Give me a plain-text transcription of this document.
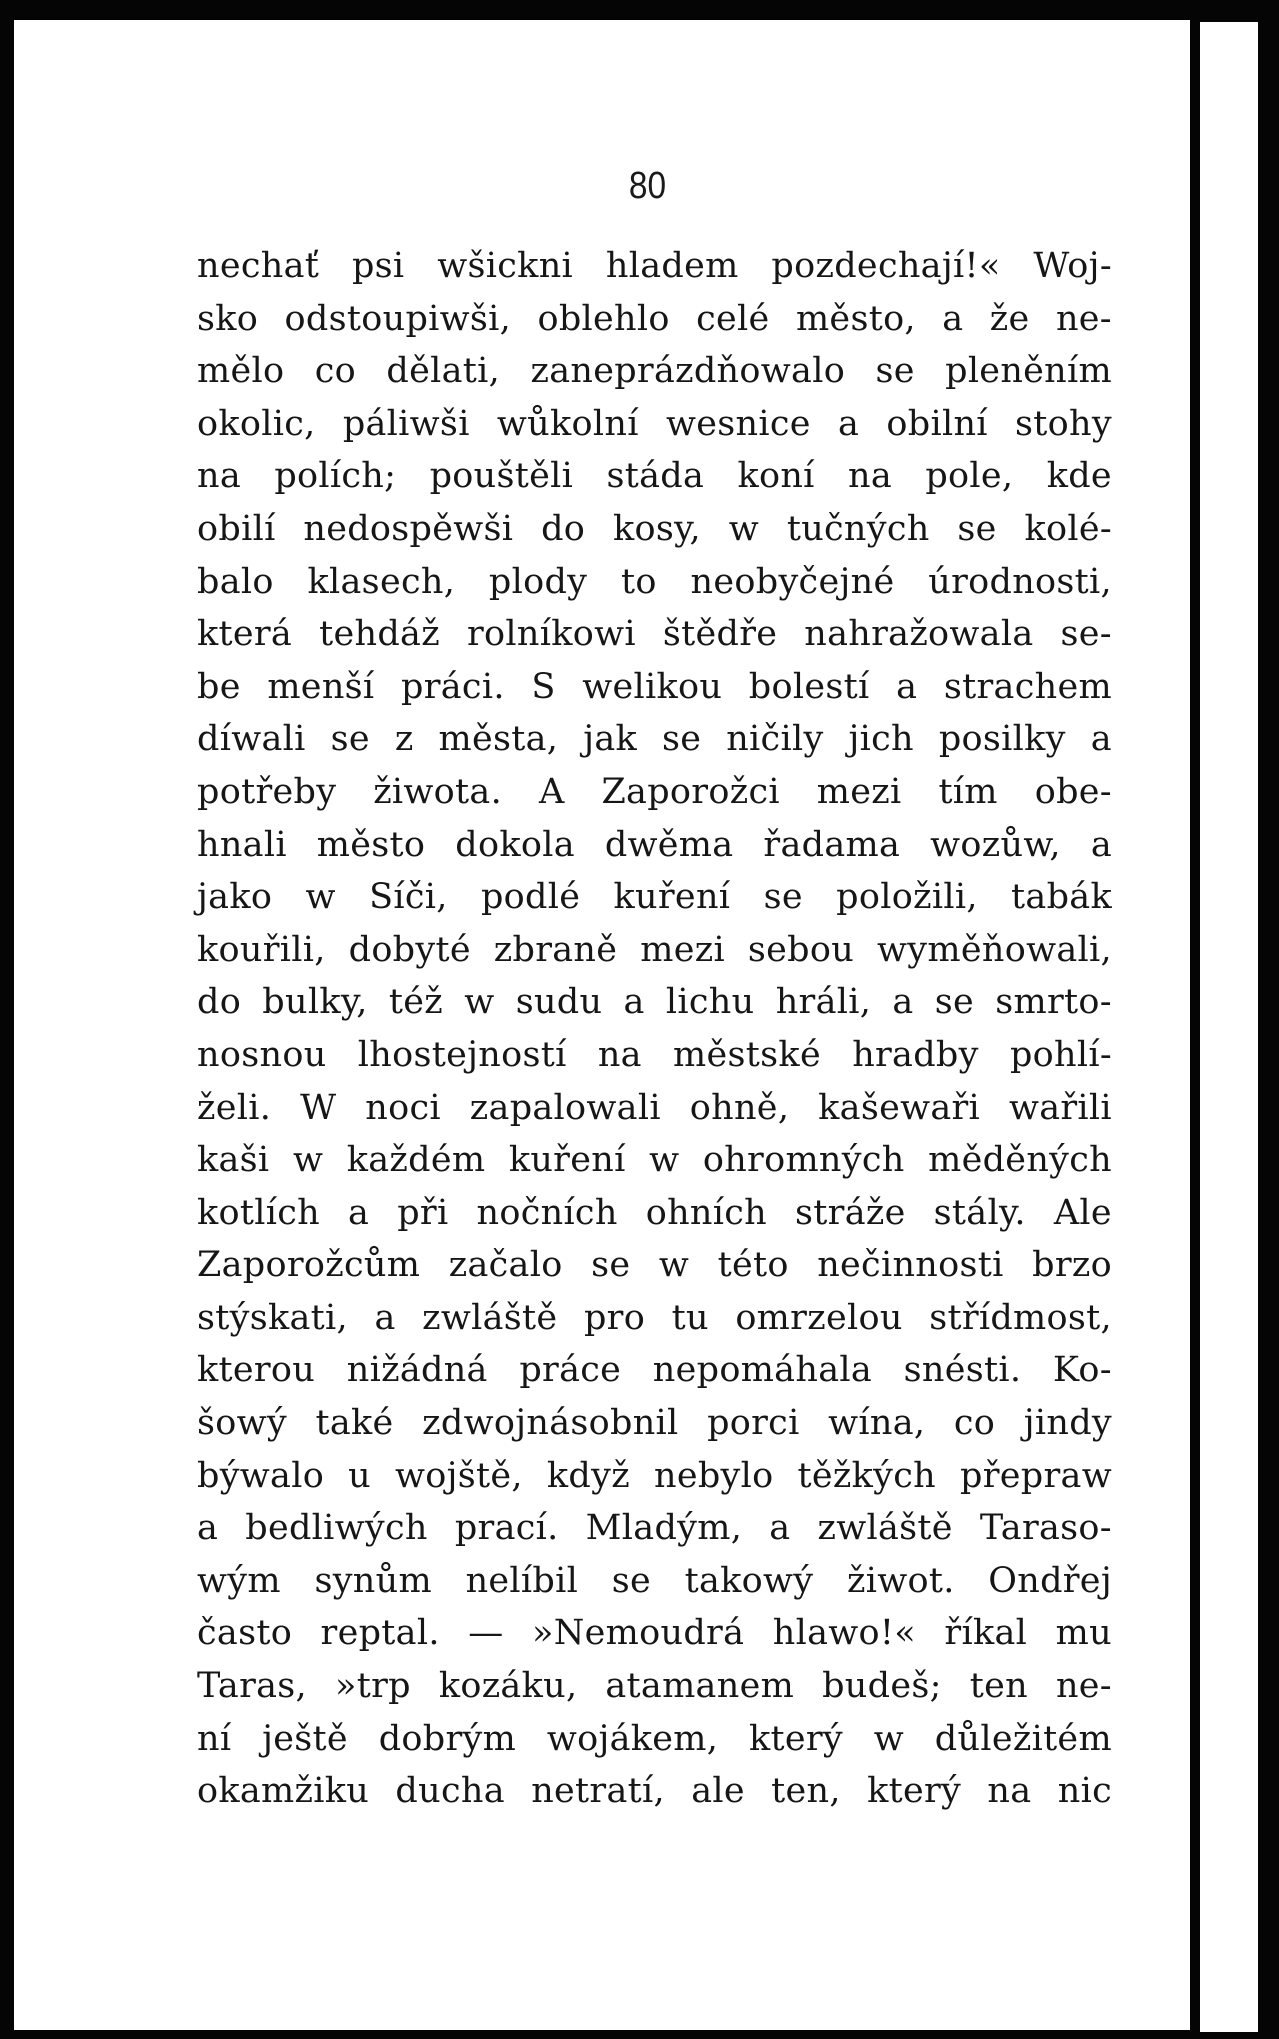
80
nechať psi wšickni hladem pozdechají!« Woj-
sko odstoupiwši, oblehlo celé město, a že ne-
mělo co dělati, zaneprázdňowalo se pleněním
okolic, páliwši wůkolní wesnice a obilní stohy
na polích; pouštěli stáda koní na pole, kde
obilí nedospěwši do kosy, w tučných se kolé-
balo klasech, plody to neobyčejné úrodnosti,
která tehdáž rolníkowi štědře nahražowala se-
be menší práci. S welikou bolestí a strachem
díwali se z města, jak se ničily jich posilky a
potřeby žiwota. A Zaporožci mezi tím obe-
hnali město dokola dwěma řadama wozůw, a
jako w Síči, podlé kuření se položili, tabák
kouřili, dobyté zbraně mezi sebou wyměňowali,
do bulky, též w sudu a lichu hráli, a se smrto-
nosnou lhostejností na městské hradby pohlí-
želi. W noci zapalowali ohně, kašewaři wařili
kaši w každém kuření w ohromných měděných
kotlích a při nočních ohních stráže stály. Ale
Zaporožcům začalo se w této nečinnosti brzo
stýskati, a zwláště pro tu omrzelou střídmost,
kterou nižádná práce nepomáhala snésti. Ko-
šowý také zdwojnásobnil porci wína, co jindy
býwalo u wojště, když nebylo těžkých přepraw
a bedliwých prací. Mladým, a zwláště Taraso-
wým synům nelíbil se takowý žiwot. Ondřej
často reptal. — »Nemoudrá hlawo!« říkal mu
Taras, »trp kozáku, atamanem budeš; ten ne-
ní ještě dobrým wojákem, který w důležitém
okamžiku ducha netratí, ale ten, který na nic
